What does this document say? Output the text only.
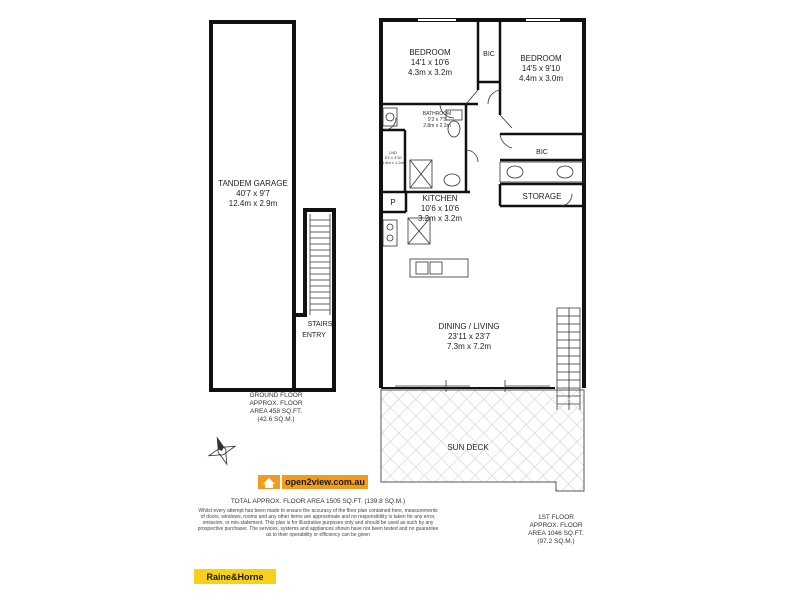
TANDEM GARAGE
40'7 x 9'7
12.4m x 2.9m
STAIRS
ENTRY
GROUND FLOOR
APPROX. FLOOR
AREA 458 SQ.FT.
(42.6 SQ.M.)
BEDROOM
14'1 x 10'6
4.3m x 3.2m
BEDROOM
14'5 x 9'10
4.4m x 3.0m
BIC
BIC
BATHROOM
9'2 x 7'5
2.8m x 2.3m
LND
5'2 x 3'10
1.6m x 1.2m
KITCHEN
10'6 x 10'6
3.2m x 3.2m
P
STORAGE
DINING / LIVING
23'11 x 23'7
7.3m x 7.2m
SUN DECK
1ST FLOOR
APPROX. FLOOR
AREA 1046 SQ.FT.
(97.2 SQ.M.)
open2view.com.au
TOTAL APPROX. FLOOR AREA 1505 SQ.FT. (139.8 SQ.M.)
Whilst every attempt has been made to ensure the accuracy of the floor plan contained here, measurements
of doors, windows, rooms and any other items are approximate and no responsibility is taken for any error,
omission, or mis-statement. This plan is for illustrative purposes only and should be used as such by any
prospective purchaser. The services, systems and appliances shown have not been tested and no guarantee
as to their operability or efficiency can be given
Raine&Horne
